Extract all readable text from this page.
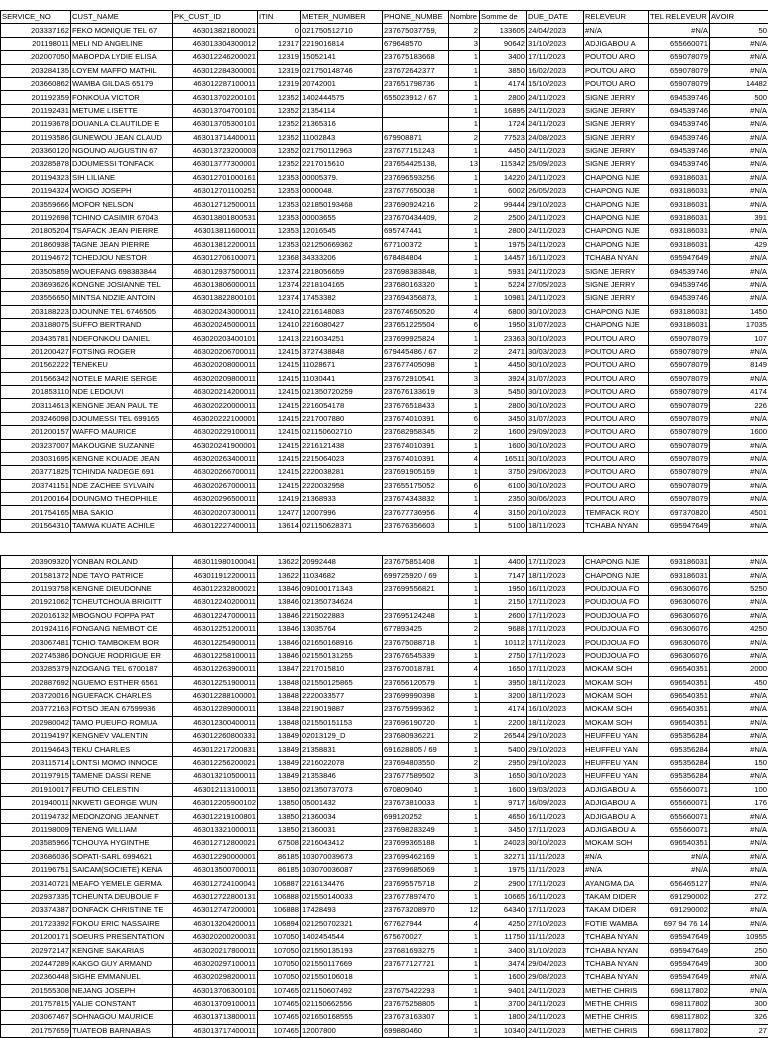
SERVICE_NO	CUST_NAME	PK_CUST_ID	ITIN	METER_NUMBER	PHONE_NUMBE	Nombre	Somme de	DUE_DATE	RELEVEUR	TEL RELEVEUR	AVOIR
203337162	FEKO MONIQUE TEL 67	463013821800021	0	021750512710	237675037759,	2	133605	24/04/2023	#N/A	#N/A	50
201198011	MELI ND ANGELINE	463013304300012	12317	2219016814	679648570	3	90642	31/10/2023	ADJIGABOU A	655660071	#N/A
202007050	MABOPDA LYDIE ELISA	463012246200021	12319	15052141	237675183668	1	3400	17/11/2023	POUTOU ARO	659078079	#N/A
203284135	LOYEM MAFFO MATHIL	463012284300001	12319	021750148746	237672642377	1	3850	16/02/2023	POUTOU ARO	659078079	#N/A
203660862	WAMBA GILDAS 65179	463012287100011	12319	20742001	237651798736	1	4174	15/10/2023	POUTOU ARO	659078079	14482
201192359	FONKOUA VICTOR	463013702200101	12352	1402444575	655023912 / 67	1	2800	24/11/2023	SIGNE JERRY	694539746	500
201192431	METUME LISETTE	463013704700101	12352	21354114		1	16895	24/11/2023	SIGNE JERRY	694539746	#N/A
201193678	DOUANLA CLAUTILDE E	463013705300101	12352	21365316		1	1724	24/11/2023	SIGNE JERRY	694539746	#N/A
201193586	GUNEWOU JEAN CLAUD	463013714400011	12352	11002843	679908871	2	77523	24/08/2023	SIGNE JERRY	694539746	#N/A
203360120	NGOUNO AUGUSTIN 67	463013723200003	12352	021750112963	237677151243	1	4450	24/11/2023	SIGNE JERRY	694539746	#N/A
203285878	DJOUMESSI TONFACK	463013777300001	12352	2217015610	237654425138,	13	115342	25/09/2023	SIGNE JERRY	694539746	#N/A
201194323	SIH LILIANE	463012701000161	12353	00005379.	237696593256	1	14220	24/11/2023	CHAPONG NJE	693186031	#N/A
201194324	WOIGO JOSEPH	463012701100251	12353	0000048.	237677650038	1	6002	26/05/2023	CHAPONG NJE	693186031	#N/A
203559666	MOFOR NELSON	463012712500011	12353	021850193468	237690924216	2	99444	29/10/2023	CHAPONG NJE	693186031	#N/A
201192698	TCHINO CASIMIR 67043	463013801800531	12353	00003655	237670434409,	2	2500	24/11/2023	CHAPONG NJE	693186031	391
201805204	TSAFACK JEAN PIERRE	463013811600011	12353	12016545	695747441	1	2800	24/11/2023	CHAPONG NJE	693186031	#N/A
201860938	TAGNE JEAN PIERRE	463013812200011	12353	021250669362	677100372	1	1975	24/11/2023	CHAPONG NJE	693186031	429
201194672	TCHEDJOU NESTOR	463012706100071	12368	34333206	678484804	1	14457	16/11/2023	TCHABA NYAN	695947649	#N/A
203505859	WOUEFANG 698383844	463012937500011	12374	2218056659	237698383848,	1	5931	24/11/2023	SIGNE JERRY	694539746	#N/A
203693626	KONGNE JOSIANNE TEL	463013806000011	12374	2218104165	237680163320	1	5224	27/05/2023	SIGNE JERRY	694539746	#N/A
203556650	MINTSA NDZIE ANTOIN	463013822800101	12374	17453382	237694356873,	1	10981	24/11/2023	SIGNE JERRY	694539746	#N/A
203188223	DJOUNNE TEL 6746505	463020243000011	12410	2216148083	237674650520	4	6800	30/10/2023	CHAPONG NJE	693186031	1450
203188075	SUFFO BERTRAND	463020245000011	12410	2216080427	237651225504	6	1950	31/07/2023	CHAPONG NJE	693186031	17035
203435781	NDEFONKOU DANIEL	463020203400101	12413	2216034251	237699925824	1	23363	30/10/2023	POUTOU ARO	659078079	107
201200427	FOTSING ROGER	463020206700011	12415	3727438848	679445486 / 67	2	2471	30/03/2023	POUTOU ARO	659078079	#N/A
201562222	TENEKEU	463020208000011	12415	11028671	237677405098	1	4450	30/10/2023	POUTOU ARO	659078079	8149
201566342	NOTELE MARIE SERGE	463020209800011	12415	11030441	237672910541	3	3924	31/07/2023	POUTOU ARO	659078079	#N/A
201853110	NDE LEDOUVI	463020214200011	12415	021350720259	237676133619	3	5450	30/10/2023	POUTOU ARO	659078079	4174
203114613	KENGNE JEAN PAUL TE	463020220000011	12415	2216054178	237676518433	1	2800	30/10/2023	POUTOU ARO	659078079	226
203246098	DJOUMESSI TEL 699165	463020222100001	12415	2217007880	237674010391	6	3450	31/07/2023	POUTOU ARO	659078079	#N/A
201200157	WAFFO MAURICE	463020229100011	12415	021150602710	237682958345	2	1600	29/09/2023	POUTOU ARO	659078079	1600
203237007	MAKOUGNE SUZANNE	463020241900001	12415	2216121438	237674010391	1	1600	30/10/2023	POUTOU ARO	659078079	#N/A
203031695	KENGNE KOUADE JEAN	463020263400011	12415	2215064023	237674010391	4	16511	30/10/2023	POUTOU ARO	659078079	#N/A
203771825	TCHINDA NADEGE 691	463020266700011	12415	2220038281	237691905159	1	3750	29/06/2023	POUTOU ARO	659078079	#N/A
203741151	NDE ZACHEE SYLVAIN	463020267000011	12415	2220032958	237655175052	6	6100	30/10/2023	POUTOU ARO	659078079	#N/A
201200164	DOUNGMO THEOPHILE	463020296500011	12419	21368933	237674343832	1	2350	30/06/2023	POUTOU ARO	659078079	#N/A
201754165	MBA SAKIO	463020207300011	12477	12007996	237677736956	4	3150	20/10/2023	TEMFACK ROY	697370820	4501
201564310	TAMWA KUATE ACHILE	463012227400011	13614	021150628371	237676356603	1	5100	18/11/2023	TCHABA NYAN	695947649	#N/A
203909320	YONBAN ROLAND	463011980100041	13622	20992448	237675851408	1	4400	17/11/2023	CHAPONG NJE	693186031	#N/A
201581372	NDE TAYO PATRICE	463011912200011	13622	11034682	699725920 / 69	1	7147	18/11/2023	CHAPONG NJE	693186031	#N/A
201193758	KENGNE DIEUDONNE	463012232800021	13846	090100171343	237699556821	1	1950	16/11/2023	POUDJOUA FO	696306076	5250
201921062	TCHEUTCHOUA BRIGITT	463012240200011	13846	021350734624		1	2150	17/11/2023	POUDJOUA FO	696306076	#N/A
202016132	MBOGNOU FOPPA PAT	463012247000011	13846	2215022883	237695124248	1	2600	17/11/2023	POUDJOUA FO	696306076	#N/A
201924116	FONGANG NEMBOT CE	463012251200011	13846	13035764	677893425	2	9688	17/11/2023	POUDJOUA FO	696306076	4250
203067481	TCHIO TAMBOKEM BOR	463012254900011	13846	021650168916	237675088718	1	10112	17/11/2023	POUDJOUA FO	696306076	#N/A
202745386	DONGUE RODRIGUE ER	463012258100011	13846	021550131255	237676545339	1	2750	17/11/2023	POUDJOUA FO	696306076	#N/A
203285379	NZOGANG TEL 6700187	463012263900011	13847	2217015810	237670018781	4	1650	17/11/2023	MOKAM SOH	696540351	2000
202887692	NGUEMO ESTHER 6561	463012251900011	13848	021550125865	237656120579	1	3950	18/11/2023	MOKAM SOH	696540351	450
203720016	NGUEFACK CHARLES	463012288100001	13848	2220033577	237699990398	1	3200	18/11/2023	MOKAM SOH	696540351	#N/A
203772163	FOTSO JEAN 67599936	463012289000011	13848	2219019887	237675999362	1	4174	16/10/2023	MOKAM SOH	696540351	#N/A
202980042	TAMO PUEUFO ROMUA	463012300400011	13848	021550151153	237696190720	1	2200	18/11/2023	MOKAM SOH	696540351	#N/A
201194197	KENGNEV VALENTIN	463012260800331	13849	02013129_D	237680936221	2	26544	29/10/2023	HEUFFEU YAN	695356284	#N/A
201194643	TEKU CHARLES	463012217200831	13849	21358831	691628805 / 69	1	5400	29/10/2023	HEUFFEU YAN	695356284	#N/A
203115714	LONTSI MOMO INNOCE	463012256200021	13849	2216022078	237694803550	2	2950	29/10/2023	HEUFFEU YAN	695356284	150
201197915	TAMENE DASSI RENE	463013210500011	13849	21353846	237677589502	3	1650	30/10/2023	HEUFFEU YAN	695356284	#N/A
201910017	FEUTIO CELESTIN	463012113100011	13850	021350737073	670809040	1	1600	19/03/2023	ADJIGABOU A	655660071	100
201940011	NKWETI GEORGE WUN	463012205900102	13850	05001432	237673810033	1	9717	16/09/2023	ADJIGABOU A	655660071	176
201194732	MEDONZONG JEANNET	463012219100801	13850	21360034	699120252	1	4650	16/11/2023	ADJIGABOU A	655660071	#N/A
201198009	TENENG WILLIAM	463013321000011	13850	21360031	237698283249	1	3450	17/11/2023	ADJIGABOU A	655660071	#N/A
203585966	TCHOUYA HYGINTHE	463012712800021	67508	2216043412	237699365188	1	24023	30/10/2023	MOKAM SOH	696540351	#N/A
203686036	SOPATI-SARL 6994621	463012290000001	86185	103070039673	237699462169	1	32271	11/11/2023	#N/A	#N/A	#N/A
201196751	SAICAM(SOCIETE) KENA	463013500700011	86185	103070036087	237699685069	1	1975	11/11/2023	#N/A	#N/A	#N/A
203140721	MEAFO YEMELE GERMA	463012724100041	106887	2216134476	237695575718	2	2900	17/11/2023	AYANGMA DA	656465127	#N/A
202937335	TCHEUNTA DEUBOUE F	463012722800131	106888	021550140033	237677897470	1	10665	16/11/2023	TAKAM DIDER	691290002	272
203374387	DONFACK CHRISTINE TE	463012747200001	106888	17428493	237673208970	12	64340	17/11/2023	TAKAM DIDER	691290002	#N/A
201723392	FOKOU ERIC NASSAIRE	463013204200011	106894	021250702321	677627944	4	4250	27/10/2023	FOTIE WAMBA	697 94 76 14	#N/A
201200171	SOEURS PRESENTATION	463020200200031	107050	1402454544	675670027	1	11750	11/11/2023	TCHABA NYAN	695947649	10955
202972147	KENGNE SAKARIAS	463020217800011	107050	021550135193	237681693275	1	3400	31/10/2023	TCHABA NYAN	695947649	250
202447289	KAKGO GUY ARMAND	463020297100011	107050	021550117669	237677127721	1	3474	29/04/2023	TCHABA NYAN	695947649	300
202360448	SIGHE EMMANUEL	463020298200011	107050	021550106018		1	1600	29/08/2023	TCHABA NYAN	695947649	#N/A
201555308	NEJANG JOSEPH	463013706300101	107465	021150607492	237675422293	1	9401	24/11/2023	METHE CHRIS	698117802	#N/A
201757815	YALIE CONSTANT	463013709100011	107465	021150662556	237675258805	1	3700	24/11/2023	METHE CHRIS	698117802	300
203067467	SOHNAGOU MAURICE	463013713800011	107465	021650168555	237673163307	1	1800	24/11/2023	METHE CHRIS	698117802	326
201757659	TUATEOB BARNABAS	463013717400011	107465	12007800	699880460	1	10340	24/11/2023	METHE CHRIS	698117802	27
